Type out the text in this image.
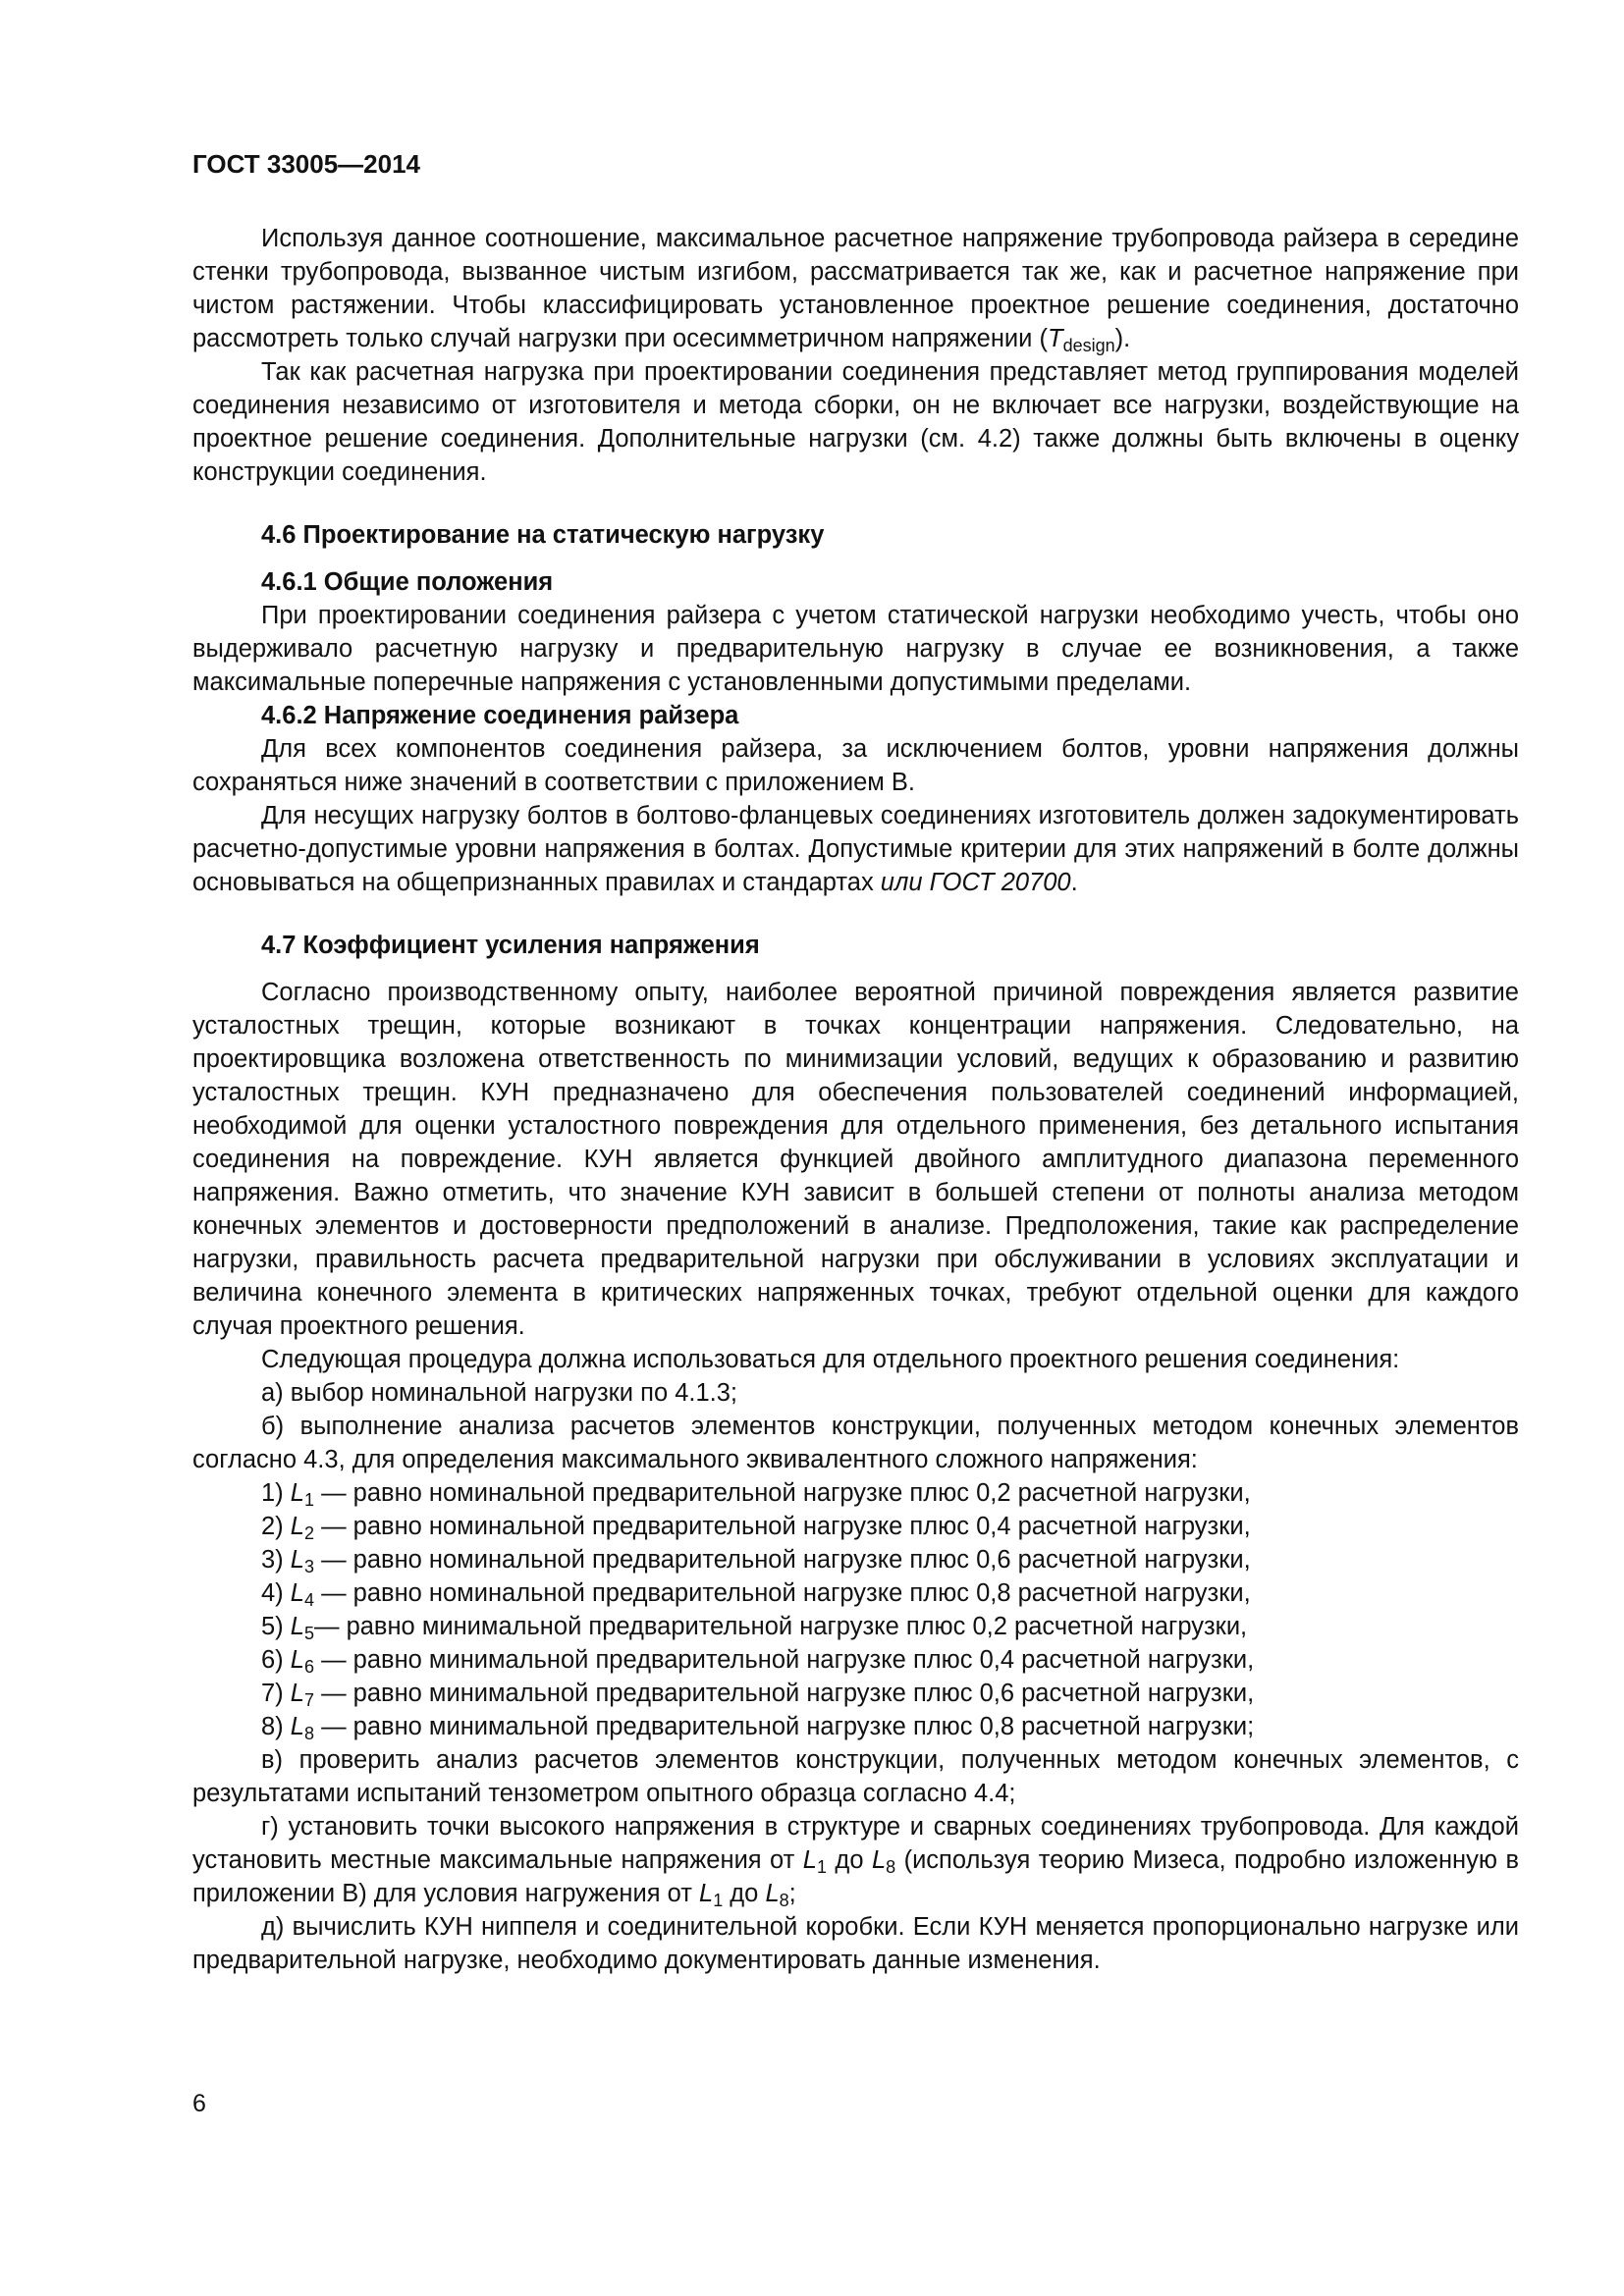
ГОСТ 33005—2014

Используя данное соотношение, максимальное расчетное напряжение трубопровода райзера в середине стенки трубопровода, вызванное чистым изгибом, рассматривается так же, как и расчетное напряжение при чистом растяжении. Чтобы классифицировать установленное проектное решение соединения, достаточно рассмотреть только случай нагрузки при осесимметричном напряжении $(T_{design})$.

Так как расчетная нагрузка при проектировании соединения представляет метод группирования моделей соединения независимо от изготовителя и метода сборки, он не включает все нагрузки, воздействующие на проектное решение соединения. Дополнительные нагрузки (см. 4.2) также должны быть включены в оценку конструкции соединения.

4.6 Проектирование на статическую нагрузку

4.6.1 Общие положения

При проектировании соединения райзера с учетом статической нагрузки необходимо учесть, чтобы оно выдерживало расчетную нагрузку и предварительную нагрузку в случае ее возникновения, а также максимальные поперечные напряжения с установленными допустимыми пределами.

4.6.2 Напряжение соединения райзера

Для всех компонентов соединения райзера, за исключением болтов, уровни напряжения должны сохраняться ниже значений в соответствии с приложением В.

Для несущих нагрузку болтов в болтово-фланцевых соединениях изготовитель должен задокументировать расчетно-допустимые уровни напряжения в болтах. Допустимые критерии для этих напряжений в болте должны основываться на общепризнанных правилах и стандартах или ГОСТ 20700.

4.7 Коэффициент усиления напряжения

Согласно производственному опыту, наиболее вероятной причиной повреждения является развитие усталостных трещин, которые возникают в точках концентрации напряжения. Следовательно, на проектировщика возложена ответственность по минимизации условий, ведущих к образованию и развитию усталостных трещин. КУН предназначено для обеспечения пользователей соединений информацией, необходимой для оценки усталостного повреждения для отдельного применения, без детального испытания соединения на повреждение. КУН является функцией двойного амплитудного диапазона переменного напряжения. Важно отметить, что значение КУН зависит в большей степени от полноты анализа методом конечных элементов и достоверности предположений в анализе. Предположения, такие как распределение нагрузки, правильность расчета предварительной нагрузки при обслуживании в условиях эксплуатации и величина конечного элемента в критических напряженных точках, требуют отдельной оценки для каждого случая проектного решения.

Следующая процедура должна использоваться для отдельного проектного решения соединения:

а) выбор номинальной нагрузки по 4.1.3;

б) выполнение анализа расчетов элементов конструкции, полученных методом конечных элементов согласно 4.3, для определения максимального эквивалентного сложного напряжения:

1) $L_1$ — равно номинальной предварительной нагрузке плюс 0,2 расчетной нагрузки,

2) $L_2$ — равно номинальной предварительной нагрузке плюс 0,4 расчетной нагрузки,

3) $L_3$ — равно номинальной предварительной нагрузке плюс 0,6 расчетной нагрузки,

4) $L_4$ — равно номинальной предварительной нагрузке плюс 0,8 расчетной нагрузки,

5) $L_5—$ равно минимальной предварительной нагрузке плюс 0,2 расчетной нагрузки,

6) $L_6$ — равно минимальной предварительной нагрузке плюс 0,4 расчетной нагрузки,

7) $L_7$ — равно минимальной предварительной нагрузке плюс 0,6 расчетной нагрузки,

8) $L_8$ — равно минимальной предварительной нагрузке плюс 0,8 расчетной нагрузки;

в) проверить анализ расчетов элементов конструкции, полученных методом конечных элементов, с результатами испытаний тензометром опытного образца согласно 4.4;

г) установить точки высокого напряжения в структуре и сварных соединениях трубопровода. Для каждой установить местные максимальные напряжения от $L_1$ до $L_8$ (используя теорию Мизеса, подробно изложенную в приложении В) для условия нагружения от $L_1$ до $L_8$;

д) вычислить КУН ниппеля и соединительной коробки. Если КУН меняется пропорционально нагрузке или предварительной нагрузке, необходимо документировать данные изменения.

6
